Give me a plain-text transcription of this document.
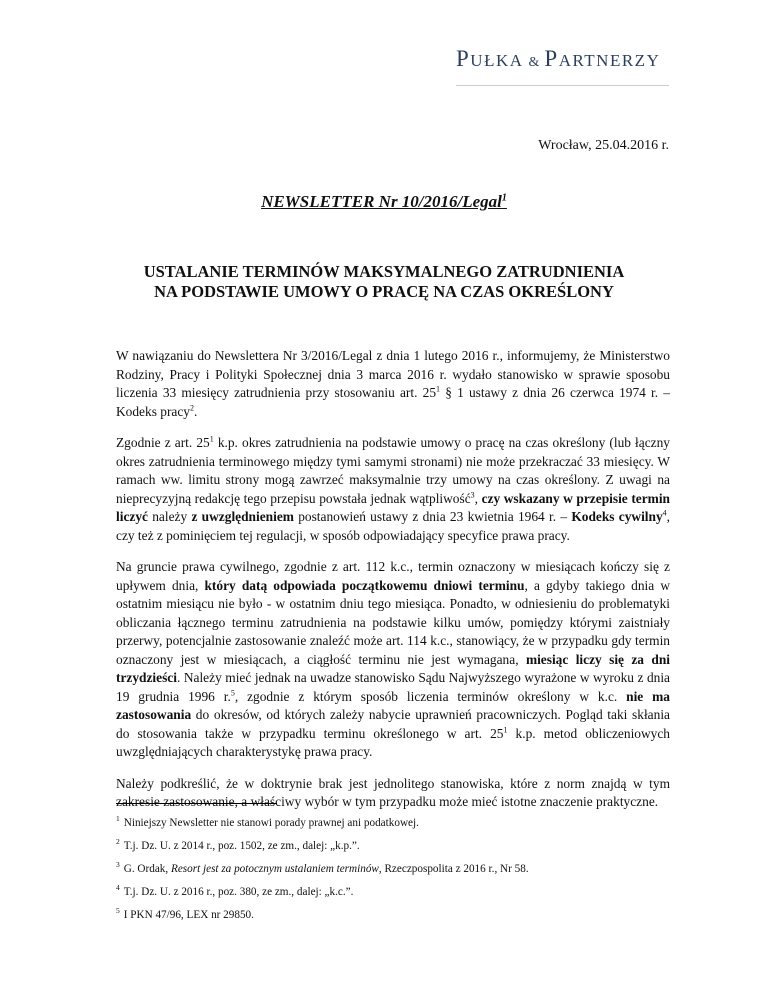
PUŁKA & PARTNERZY
Wrocław, 25.04.2016 r.
NEWSLETTER Nr 10/2016/Legal$^1$
USTALANIE TERMINÓW MAKSYMALNEGO ZATRUDNIENIA
NA PODSTAWIE UMOWY O PRACĘ NA CZAS OKREŚLONY

W nawiązaniu do Newslettera Nr 3/2016/Legal z dnia 1 lutego 2016 r., informujemy, że Ministerstwo Rodziny, Pracy i Polityki Społecznej dnia 3 marca 2016 r. wydało stanowisko w sprawie sposobu liczenia 33 miesięcy zatrudnienia przy stosowaniu art. $25^1$ § 1 ustawy z dnia 26 czerwca 1974 r. – Kodeks pracy$^2$.

Zgodnie z art. $25^1$ k.p. okres zatrudnienia na podstawie umowy o pracę na czas określony (lub łączny okres zatrudnienia terminowego między tymi samymi stronami) nie może przekraczać 33 miesięcy. W ramach ww. limitu strony mogą zawrzeć maksymalnie trzy umowy na czas określony. Z uwagi na nieprecyzyjną redakcję tego przepisu powstała jednak wątpliwość$^3$, czy wskazany w przepisie termin liczyć należy z uwzględnieniem postanowień ustawy z dnia 23 kwietnia 1964 r. – Kodeks cywilny$^4$, czy też z pominięciem tej regulacji, w sposób odpowiadający specyfice prawa pracy.

Na gruncie prawa cywilnego, zgodnie z art. 112 k.c., termin oznaczony w miesiącach kończy się z upływem dnia, który datą odpowiada początkowemu dniowi terminu, a gdyby takiego dnia w ostatnim miesiącu nie było - w ostatnim dniu tego miesiąca. Ponadto, w odniesieniu do problematyki obliczania łącznego terminu zatrudnienia na podstawie kilku umów, pomiędzy którymi zaistniały przerwy, potencjalnie zastosowanie znaleźć może art. 114 k.c., stanowiący, że w przypadku gdy termin oznaczony jest w miesiącach, a ciągłość terminu nie jest wymagana, miesiąc liczy się za dni trzydzieści. Należy mieć jednak na uwadze stanowisko Sądu Najwyższego wyrażone w wyroku z dnia 19 grudnia 1996 r.$^5$, zgodnie z którym sposób liczenia terminów określony w k.c. nie ma zastosowania do okresów, od których zależy nabycie uprawnień pracowniczych. Pogląd taki skłania do stosowania także w przypadku terminu określonego w art. $25^1$ k.p. metod obliczeniowych uwzględniających charakterystykę prawa pracy.

Należy podkreślić, że w doktrynie brak jest jednolitego stanowiska, które z norm znajdą w tym zakresie zastosowanie, a właściwy wybór w tym przypadku może mieć istotne znaczenie praktyczne.

$^1$ Niniejszy Newsletter nie stanowi porady prawnej ani podatkowej.
$^2$ T.j. Dz. U. z 2014 r., poz. 1502, ze zm., dalej: „k.p.”.
$^3$ G. Ordak, Resort jest za potocznym ustalaniem terminów, Rzeczpospolita z 2016 r., Nr 58.
$^4$ T.j. Dz. U. z 2016 r., poz. 380, ze zm., dalej: „k.c.”.
$^5$ I PKN 47/96, LEX nr 29850.
